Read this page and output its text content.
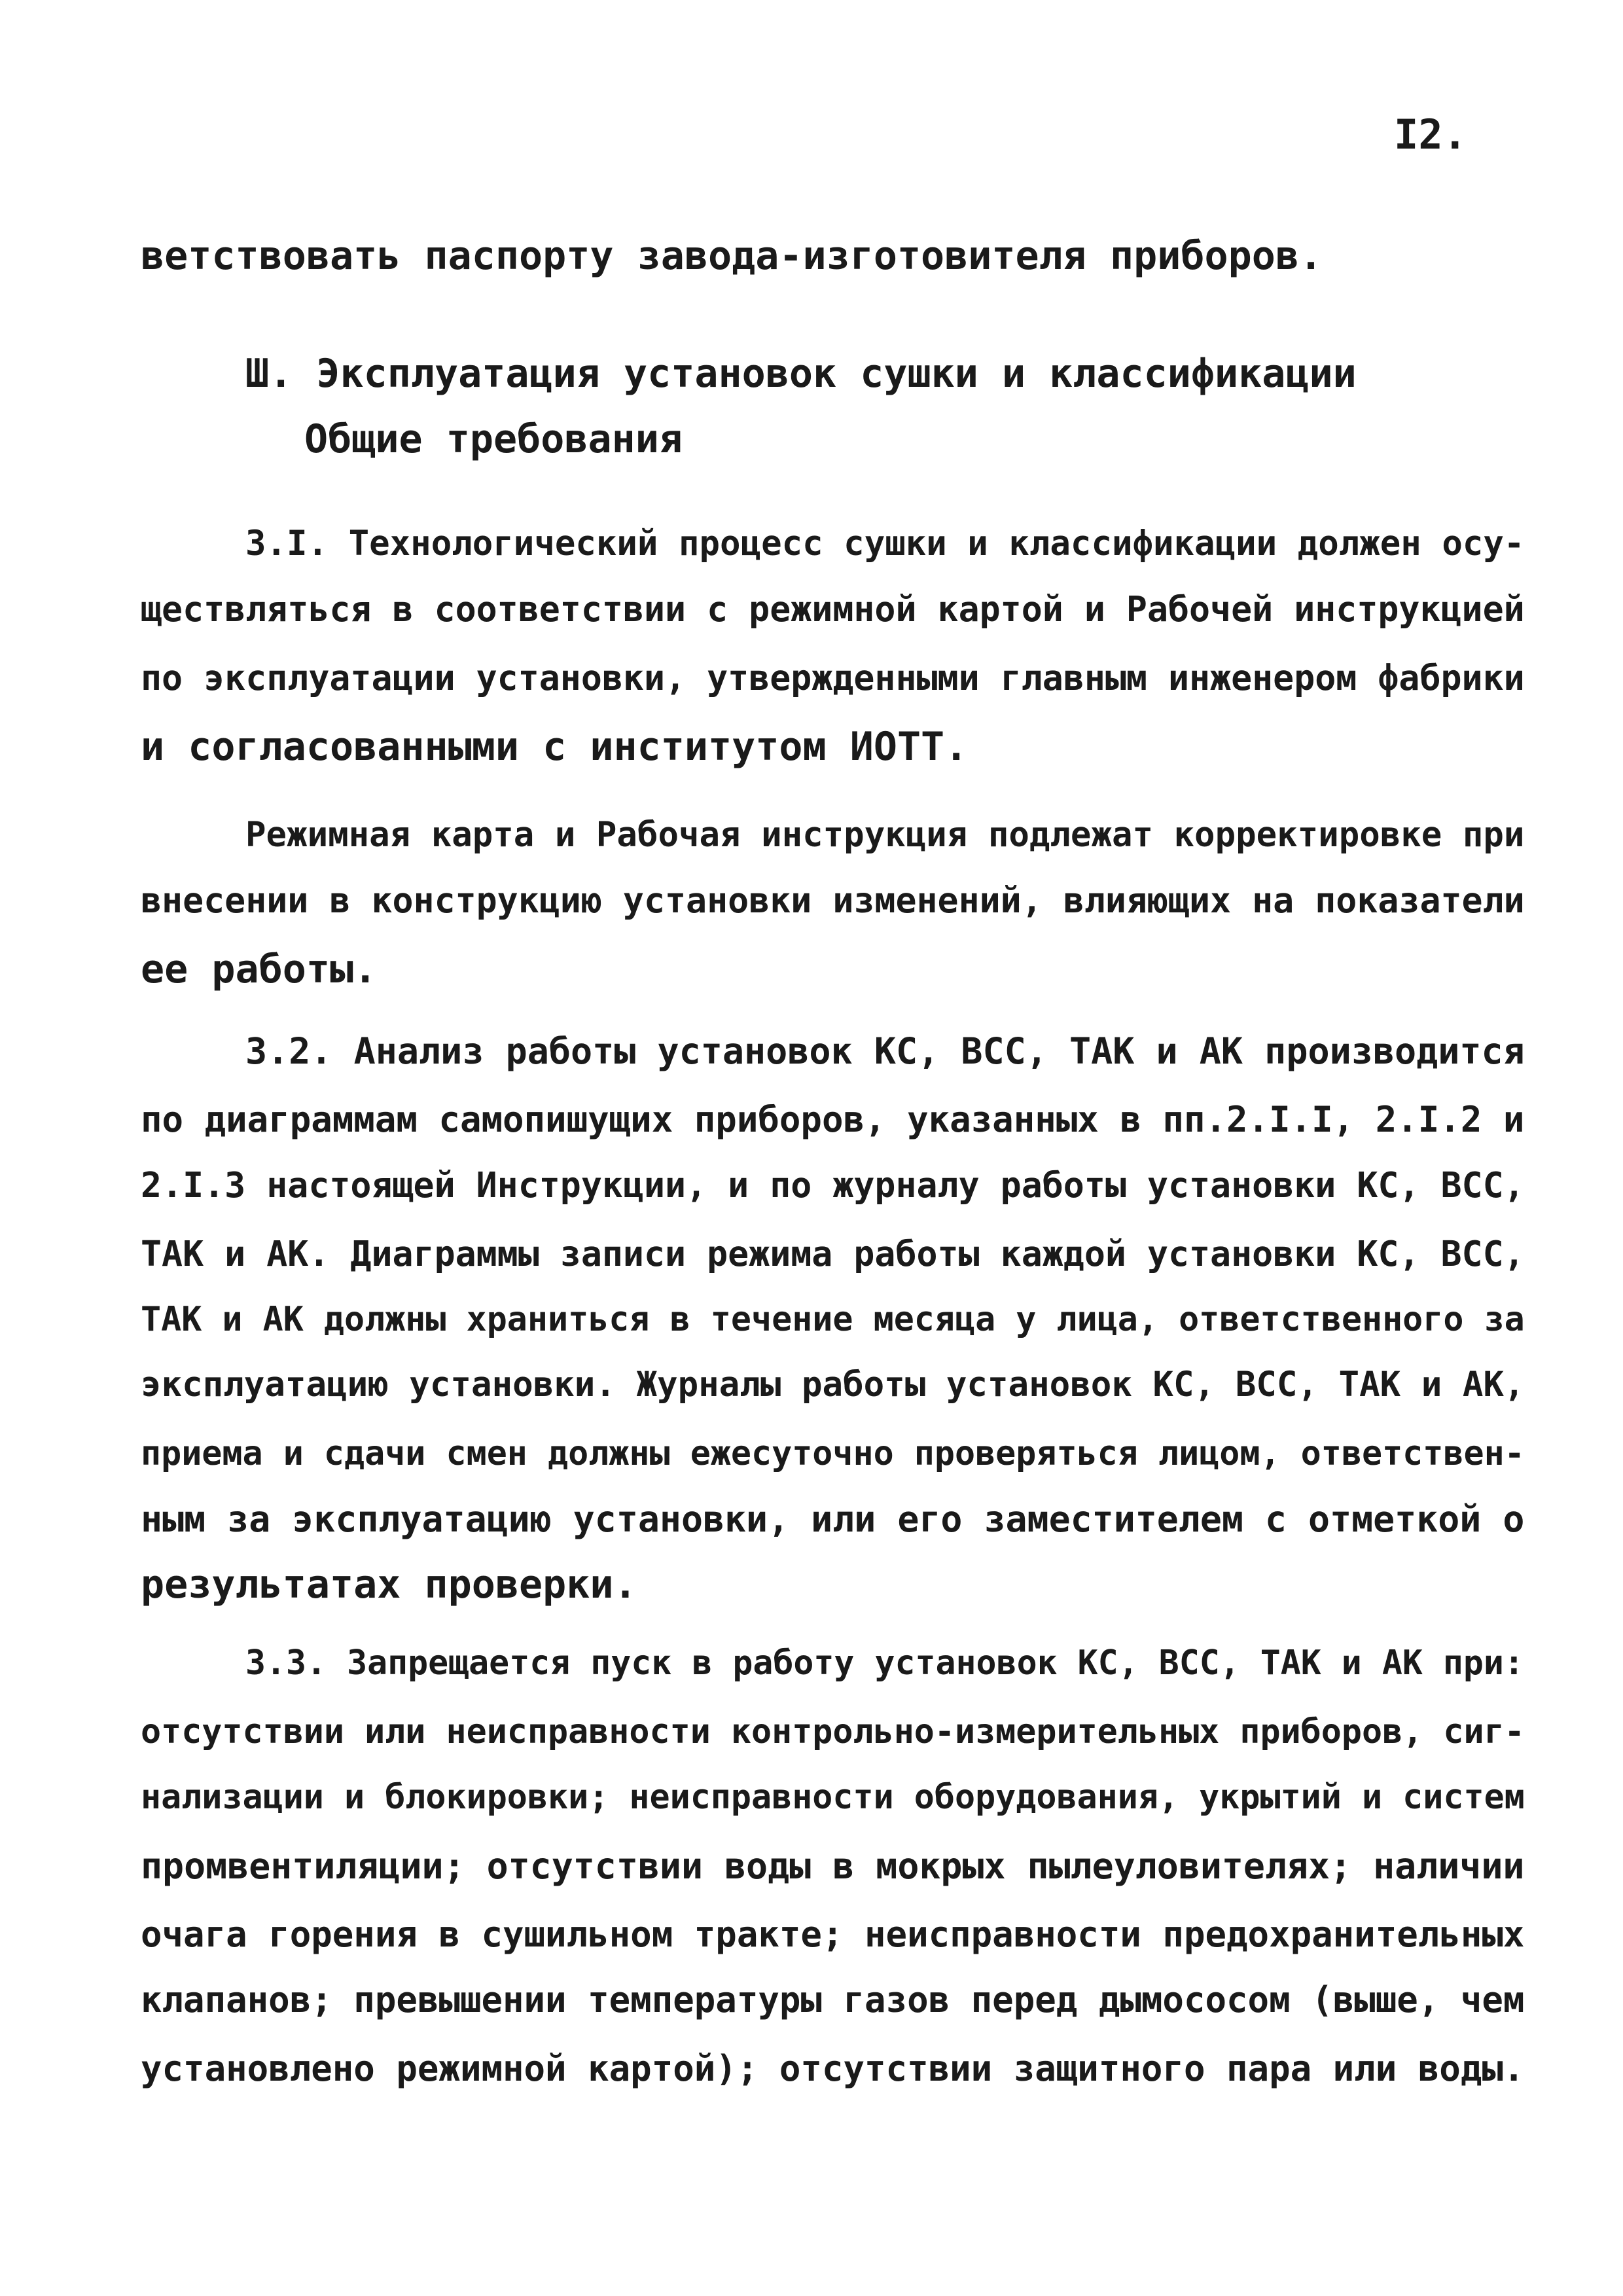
I2.
ветствовать паспорту завода-изготовителя приборов.
Ш. Эксплуатация установок сушки и классификации
Общие требования
3.I. Технологический процесс сушки и классификации должен осу-
ществляться в соответствии с режимной картой и Рабочей инструкцией
по эксплуатации установки, утвержденными главным инженером фабрики
и согласованными с институтом ИОТТ.
Режимная карта и Рабочая инструкция подлежат корректировке при
внесении в конструкцию установки изменений, влияющих на показатели
ее работы.
3.2. Анализ работы установок КС, ВСС, ТАК и АК производится
по диаграммам самопишущих приборов, указанных в пп.2.I.I, 2.I.2 и
2.I.3 настоящей Инструкции, и по журналу работы установки КС, ВСС,
ТАК и АК. Диаграммы записи режима работы каждой установки КС, ВСС,
ТАК и АК должны храниться в течение месяца у лица, ответственного за
эксплуатацию установки. Журналы работы установок КС, ВСС, ТАК и АК,
приема и сдачи смен должны ежесуточно проверяться лицом, ответствен-
ным за эксплуатацию установки, или его заместителем с отметкой о
результатах проверки.
3.3. Запрещается пуск в работу установок КС, ВСС, ТАК и АК при:
отсутствии или неисправности контрольно-измерительных приборов, сиг-
нализации и блокировки; неисправности оборудования, укрытий и систем
промвентиляции; отсутствии воды в мокрых пылеуловителях; наличии
очага горения в сушильном тракте; неисправности предохранительных
клапанов; превышении температуры газов перед дымососом (выше, чем
установлено режимной картой); отсутствии защитного пара или воды.
